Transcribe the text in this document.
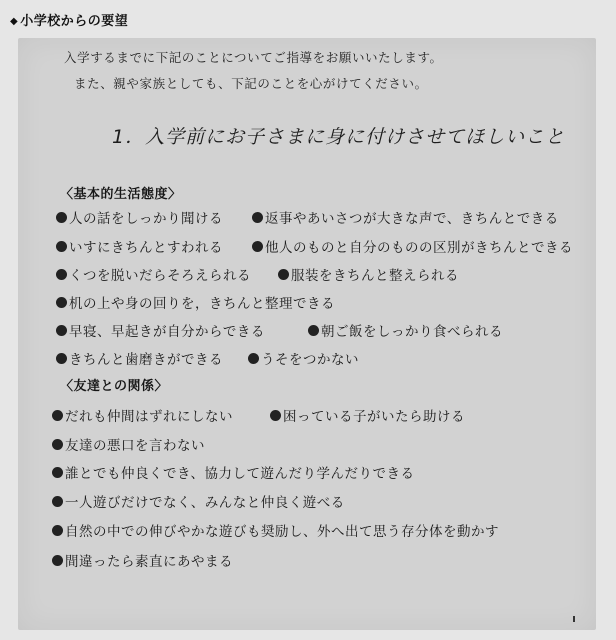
◆ 小学校からの要望
入学するまでに下記のことについてご指導をお願いいたします。
また、親や家族としても、下記のことを心がけてください。
1．入学前にお子さまに身に付けさせてほしいこと
〈基本的生活態度〉
人の話をしっかり聞ける	返事やあいさつが大きな声で、きちんとできる
いすにきちんとすわれる	他人のものと自分のものの区別がきちんとできる
くつを脱いだらそろえられる	服装をきちんと整えられる
机の上や身の回りを，きちんと整理できる
早寝、早起きが自分からできる	朝ご飯をしっかり食べられる
きちんと歯磨きができる	うそをつかない
〈友達との関係〉
だれも仲間はずれにしない	困っている子がいたら助ける
友達の悪口を言わない
誰とでも仲良くでき、協力して遊んだり学んだりできる
一人遊びだけでなく、みんなと仲良く遊べる
自然の中での伸びやかな遊びも奨励し、外へ出て思う存分体を動かす
間違ったら素直にあやまる
